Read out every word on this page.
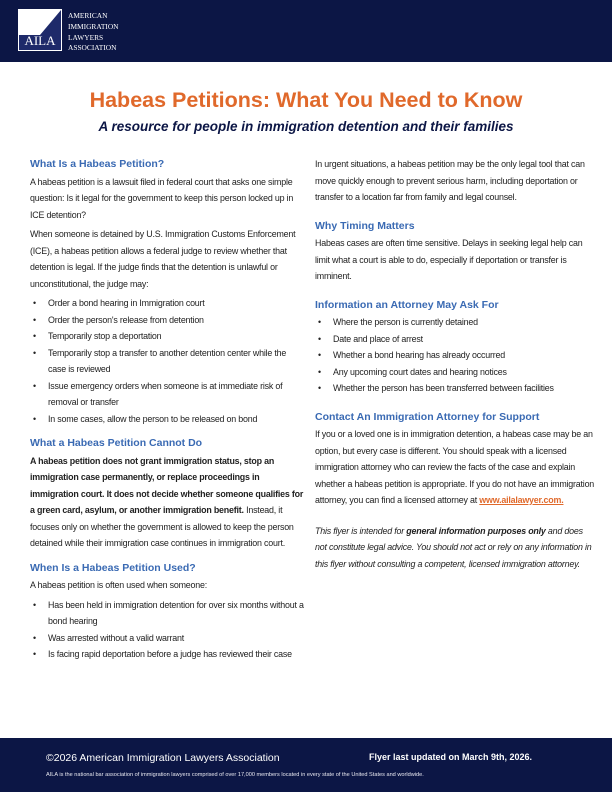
AILA
AMERICAN
IMMIGRATION
LAWYERS
ASSOCIATION
Habeas Petitions: What You Need to Know
A resource for people in immigration detention and their families
What Is a Habeas Petition?

A habeas petition is a lawsuit filed in federal court that asks one simple question: Is it legal for the government to keep this person locked up in ICE detention?

When someone is detained by U.S. Immigration Customs Enforcement (ICE), a habeas petition allows a federal judge to review whether that detention is legal. If the judge finds that the detention is unlawful or unconstitutional, the judge may:

• Order a bond hearing in Immigration court
• Order the person's release from detention
• Temporarily stop a deportation
• Temporarily stop a transfer to another detention center while the case is reviewed
• Issue emergency orders when someone is at immediate risk of removal or transfer
• In some cases, allow the person to be released on bond
What a Habeas Petition Cannot Do

A habeas petition does not grant immigration status, stop an immigration case permanently, or replace proceedings in immigration court. It does not decide whether someone qualifies for a green card, asylum, or another immigration benefit. Instead, it focuses only on whether the government is allowed to keep the person detained while their immigration case continues in immigration court.

When Is a Habeas Petition Used?

A habeas petition is often used when someone:

• Has been held in immigration detention for over six months without a bond hearing
• Was arrested without a valid warrant
• Is facing rapid deportation before a judge has reviewed their case

In urgent situations, a habeas petition may be the only legal tool that can move quickly enough to prevent serious harm, including deportation or transfer to a location far from family and legal counsel.

Why Timing Matters

Habeas cases are often time sensitive. Delays in seeking legal help can limit what a court is able to do, especially if deportation or transfer is imminent.

Information an Attorney May Ask For
• Where the person is currently detained
• Date and place of arrest
• Whether a bond hearing has already occurred
• Any upcoming court dates and hearing notices
• Whether the person has been transferred between facilities
Contact An Immigration Attorney for Support

If you or a loved one is in immigration detention, a habeas case may be an option, but every case is different. You should speak with a licensed immigration attorney who can review the facts of the case and explain whether a habeas petition is appropriate. If you do not have an immigration attorney, you can find a licensed attorney at www.ailalawyer.com.

This flyer is intended for general information purposes only and does not constitute legal advice. You should not act or rely on any information in this flyer without consulting a competent, licensed immigration attorney.

©2026 American Immigration Lawyers Association	Flyer last updated on March 9th, 2026.
AILA is the national bar association of immigration lawyers comprised of over 17,000 members located in every state of the United States and worldwide.
